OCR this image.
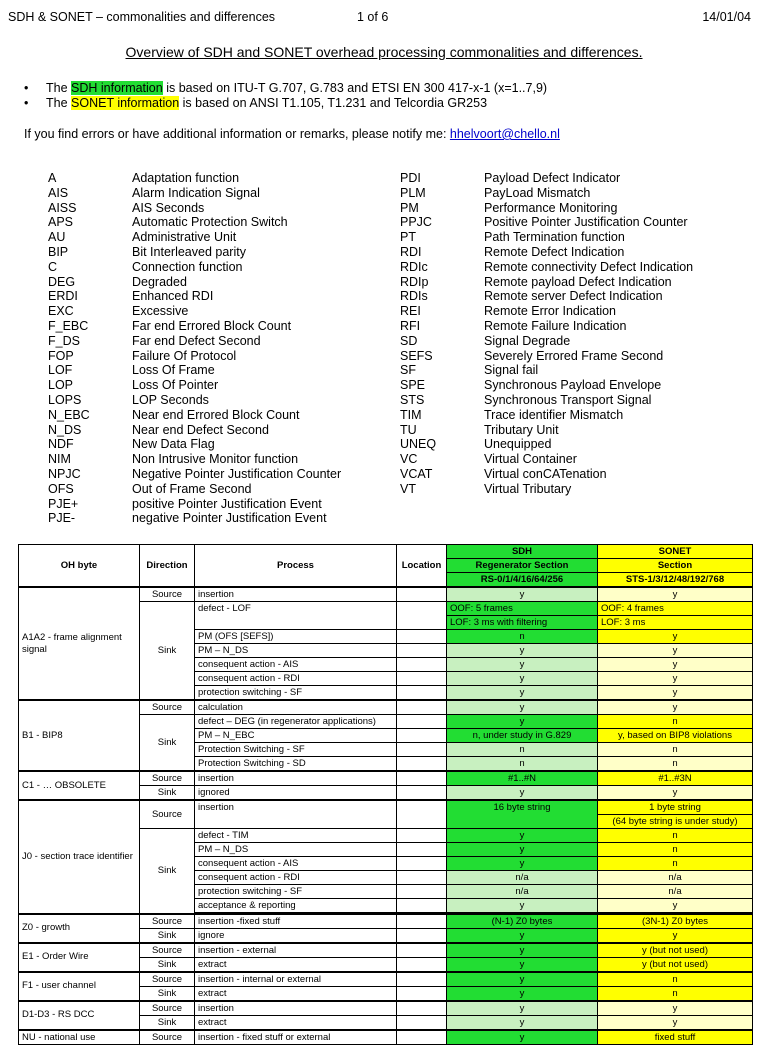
SDH & SONET – commonalities and differences	1 of 6	14/01/04
Overview of SDH and SONET overhead processing commonalities and differences.
• The SDH information is based on ITU-T G.707, G.783 and ETSI EN 300 417-x-1 (x=1..7,9)
• The SONET information is based on ANSI T1.105, T1.231 and Telcordia GR253
If you find errors or have additional information or remarks, please notify me: hhelvoort@chello.nl
A	Adaptation function
AIS	Alarm Indication Signal
AISS	AIS Seconds
APS	Automatic Protection Switch
AU	Administrative Unit
BIP	Bit Interleaved parity
C	Connection function
DEG	Degraded
ERDI	Enhanced RDI
EXC	Excessive
F_EBC	Far end Errored Block Count
F_DS	Far end Defect Second
FOP	Failure Of Protocol
LOF	Loss Of Frame
LOP	Loss Of Pointer
LOPS	LOP Seconds
N_EBC	Near end Errored Block Count
N_DS	Near end Defect Second
NDF	New Data Flag
NIM	Non Intrusive Monitor function
NPJC	Negative Pointer Justification Counter
OFS	Out of Frame Second
PJE+	positive Pointer Justification Event
PJE-	negative Pointer Justification Event
PDI	Payload Defect Indicator
PLM	PayLoad Mismatch
PM	Performance Monitoring
PPJC	Positive Pointer Justification Counter
PT	Path Termination function
RDI	Remote Defect Indication
RDIc	Remote connectivity Defect Indication
RDIp	Remote payload Defect Indication
RDIs	Remote server Defect Indication
REI	Remote Error Indication
RFI	Remote Failure Indication
SD	Signal Degrade
SEFS	Severely Errored Frame Second
SF	Signal fail
SPE	Synchronous Payload Envelope
STS	Synchronous Transport Signal
TIM	Trace identifier Mismatch
TU	Tributary Unit
UNEQ	Unequipped
VC	Virtual Container
VCAT	Virtual conCATenation
VT	Virtual Tributary
OH byte	Direction	Process	Location	SDH	SONET
				Regenerator Section	Section
				RS-0/1/4/16/64/256	STS-1/3/12/48/192/768
A1A2 - frame alignment signal	Source	insertion		y	y
	Sink	defect - LOF		OOF: 5 frames	OOF: 4 frames
				LOF: 3 ms with filtering	LOF: 3 ms
		PM (OFS [SEFS])		n	y
		PM – N_DS		y	y
		consequent action - AIS		y	y
		consequent action - RDI		y	y
		protection switching - SF		y	y
B1 - BIP8	Source	calculation		y	y
	Sink	defect – DEG (in regenerator applications)		y	n
		PM – N_EBC		n, under study in G.829	y, based on BIP8 violations
		Protection Switching - SF		n	n
		Protection Switching - SD		n	n
C1 - … OBSOLETE	Source	insertion		#1..#N	#1..#3N
	Sink	ignored		y	y
J0 - section trace identifier	Source	insertion		16 byte string	1 byte string
					(64 byte string is under study)
	Sink	defect - TIM		y	n
		PM – N_DS		y	n
		consequent action - AIS		y	n
		consequent action - RDI		n/a	n/a
		protection switching - SF		n/a	n/a
		acceptance & reporting		y	y

Z0 - growth	Source	insertion -fixed stuff		(N-1) Z0 bytes	(3N-1) Z0 bytes
	Sink	ignore		y	y
E1 - Order Wire	Source	insertion - external		y	y (but not used)
	Sink	extract		y	y (but not used)
F1 - user channel	Source	insertion - internal or external		y	n
	Sink	extract		y	n
D1-D3 - RS DCC	Source	insertion		y	y
	Sink	extract		y	y
NU - national use	Source	insertion - fixed stuff or external		y	fixed stuff
